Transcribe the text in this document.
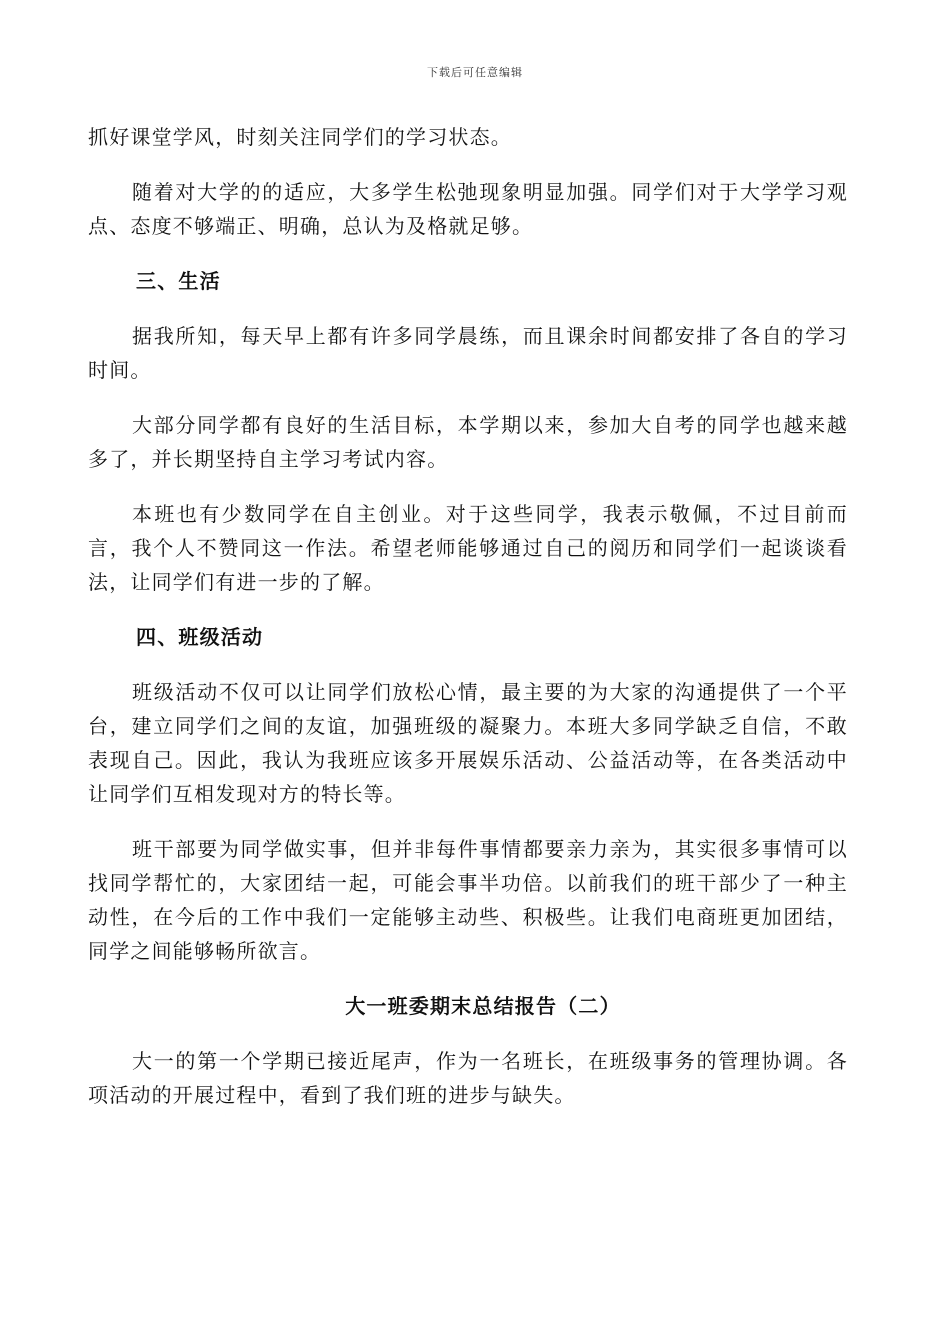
下载后可任意编辑

抓好课堂学风，时刻关注同学们的学习状态。

随着对大学的的适应，大多学生松弛现象明显加强。同学们对于大学学习观点、态度不够端正、明确，总认为及格就足够。

三、生活

据我所知，每天早上都有许多同学晨练，而且课余时间都安排了各自的学习时间。

大部分同学都有良好的生活目标，本学期以来，参加大自考的同学也越来越多了，并长期坚持自主学习考试内容。

本班也有少数同学在自主创业。对于这些同学，我表示敬佩，不过目前而言，我个人不赞同这一作法。希望老师能够通过自己的阅历和同学们一起谈谈看法，让同学们有进一步的了解。

四、班级活动

班级活动不仅可以让同学们放松心情，最主要的为大家的沟通提供了一个平台，建立同学们之间的友谊，加强班级的凝聚力。本班大多同学缺乏自信，不敢表现自己。因此，我认为我班应该多开展娱乐活动、公益活动等，在各类活动中让同学们互相发现对方的特长等。

班干部要为同学做实事，但并非每件事情都要亲力亲为，其实很多事情可以找同学帮忙的，大家团结一起，可能会事半功倍。以前我们的班干部少了一种主动性，在今后的工作中我们一定能够主动些、积极些。让我们电商班更加团结，同学之间能够畅所欲言。

大一班委期末总结报告（二）

大一的第一个学期已接近尾声，作为一名班长，在班级事务的管理协调。各项活动的开展过程中，看到了我们班的进步与缺失。
